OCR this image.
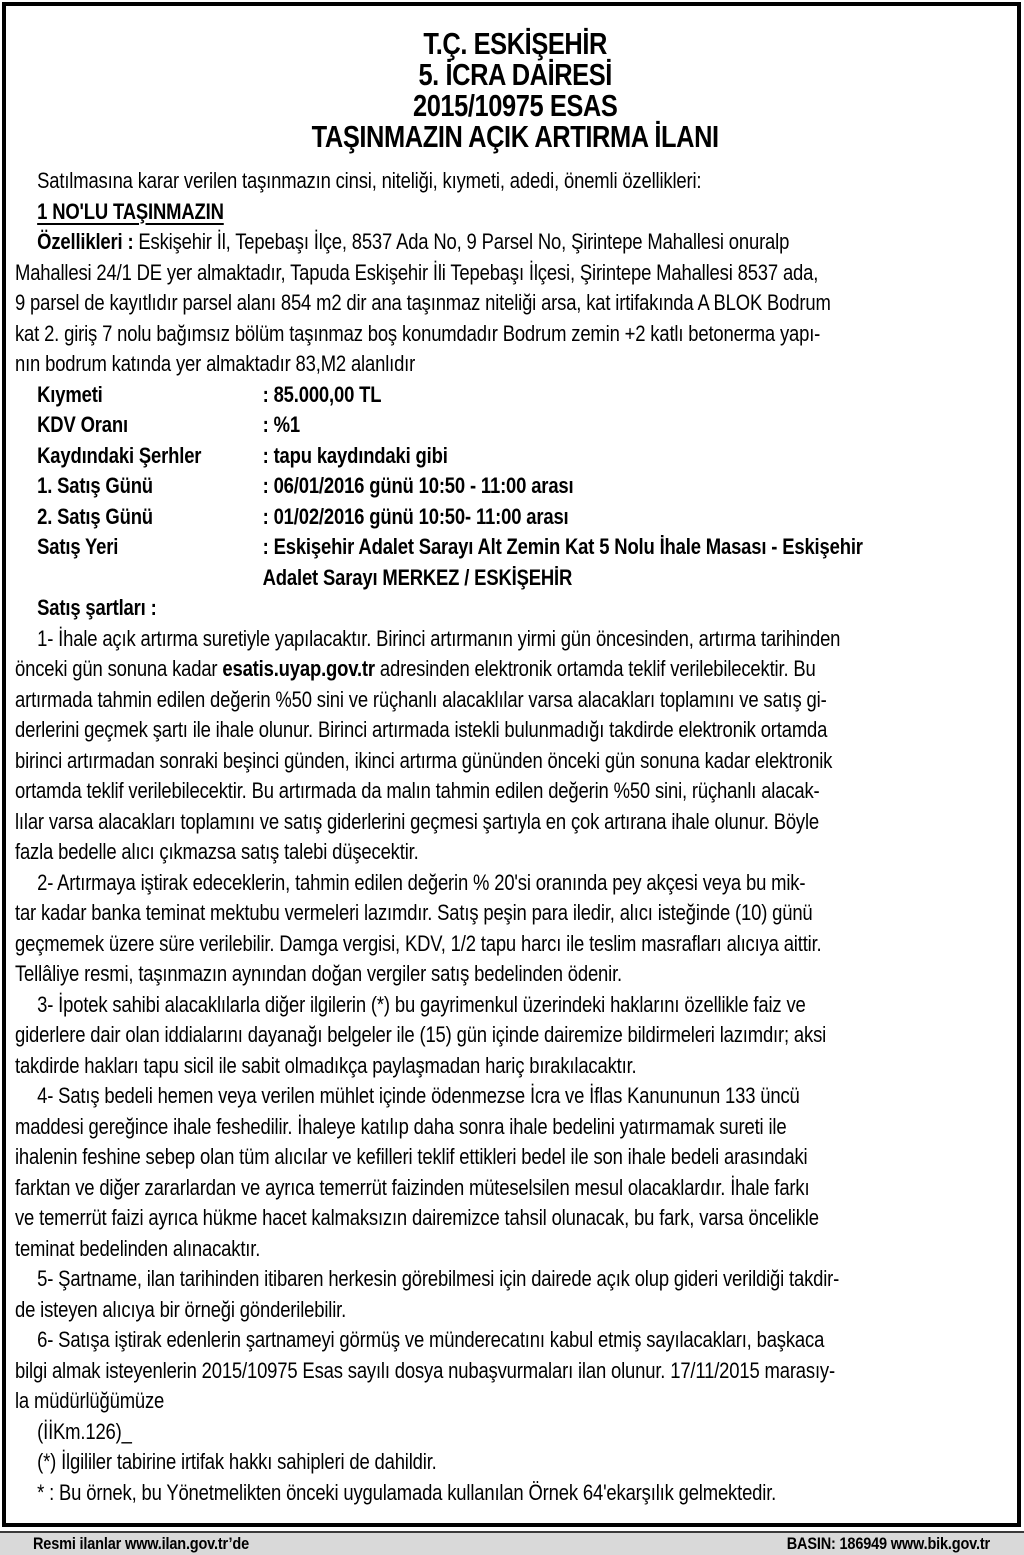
T.Ç. ESKİŞEHİR
5. İCRA DAİRESİ
2015/10975 ESAS
TAŞINMAZIN AÇIK ARTIRMA İLANI
Satılmasına karar verilen taşınmazın cinsi, niteliği, kıymeti, adedi, önemli özellikleri:
1 NO'LU TAŞINMAZIN
Özellikleri : Eskişehir İl, Tepebaşı İlçe, 8537 Ada No, 9 Parsel No, Şirintepe Mahallesi onuralp
Mahallesi 24/1 DE yer almaktadır, Tapuda Eskişehir İli Tepebaşı İlçesi, Şirintepe Mahallesi 8537 ada,
9 parsel de kayıtlıdır parsel alanı 854 m2 dir ana taşınmaz niteliği arsa, kat irtifakında A BLOK Bodrum
kat 2. giriş 7 nolu bağımsız bölüm taşınmaz boş konumdadır Bodrum zemin +2 katlı betonerma yapı-
nın bodrum katında yer almaktadır 83,M2 alanlıdır
Kıymeti	: 85.000,00 TL
KDV Oranı	: %1
Kaydındaki Şerhler	: tapu kaydındaki gibi
1. Satış Günü	: 06/01/2016 günü 10:50 - 11:00 arası
2. Satış Günü	: 01/02/2016 günü 10:50- 11:00 arası
Satış Yeri	: Eskişehir Adalet Sarayı Alt Zemin Kat 5 Nolu İhale Masası - Eskişehir
Adalet Sarayı MERKEZ / ESKİŞEHİR
Satış şartları :
1- İhale açık artırma suretiyle yapılacaktır. Birinci artırmanın yirmi gün öncesinden, artırma tarihinden
önceki gün sonuna kadar esatis.uyap.gov.tr adresinden elektronik ortamda teklif verilebilecektir. Bu
artırmada tahmin edilen değerin %50 sini ve rüçhanlı alacaklılar varsa alacakları toplamını ve satış gi-
derlerini geçmek şartı ile ihale olunur. Birinci artırmada istekli bulunmadığı takdirde elektronik ortamda
birinci artırmadan sonraki beşinci günden, ikinci artırma gününden önceki gün sonuna kadar elektronik
ortamda teklif verilebilecektir. Bu artırmada da malın tahmin edilen değerin %50 sini, rüçhanlı alacak-
lılar varsa alacakları toplamını ve satış giderlerini geçmesi şartıyla en çok artırana ihale olunur. Böyle
fazla bedelle alıcı çıkmazsa satış talebi düşecektir.
2- Artırmaya iştirak edeceklerin, tahmin edilen değerin % 20'si oranında pey akçesi veya bu mik-
tar kadar banka teminat mektubu vermeleri lazımdır. Satış peşin para iledir, alıcı isteğinde (10) günü
geçmemek üzere süre verilebilir. Damga vergisi, KDV, 1/2 tapu harcı ile teslim masrafları alıcıya aittir.
Tellâliye resmi, taşınmazın aynından doğan vergiler satış bedelinden ödenir.
3- İpotek sahibi alacaklılarla diğer ilgilerin (*) bu gayrimenkul üzerindeki haklarını özellikle faiz ve
giderlere dair olan iddialarını dayanağı belgeler ile (15) gün içinde dairemize bildirmeleri lazımdır; aksi
takdirde hakları tapu sicil ile sabit olmadıkça paylaşmadan hariç bırakılacaktır.
4- Satış bedeli hemen veya verilen mühlet içinde ödenmezse İcra ve İflas Kanununun 133 üncü
maddesi gereğince ihale feshedilir. İhaleye katılıp daha sonra ihale bedelini yatırmamak sureti ile
ihalenin feshine sebep olan tüm alıcılar ve kefilleri teklif ettikleri bedel ile son ihale bedeli arasındaki
farktan ve diğer zararlardan ve ayrıca temerrüt faizinden müteselsilen mesul olacaklardır. İhale farkı
ve temerrüt faizi ayrıca hükme hacet kalmaksızın dairemizce tahsil olunacak, bu fark, varsa öncelikle
teminat bedelinden alınacaktır.
5- Şartname, ilan tarihinden itibaren herkesin görebilmesi için dairede açık olup gideri verildiği takdir-
de isteyen alıcıya bir örneği gönderilebilir.
6- Satışa iştirak edenlerin şartnameyi görmüş ve münderecatını kabul etmiş sayılacakları, başkaca
bilgi almak isteyenlerin 2015/10975 Esas sayılı dosya nubaşvurmaları ilan olunur. 17/11/2015 marasıy-
la müdürlüğümüze
(İİKm.126)_
(*) İlgililer tabirine irtifak hakkı sahipleri de dahildir.
* : Bu örnek, bu Yönetmelikten önceki uygulamada kullanılan Örnek 64'ekarşılık gelmektedir.
Resmi ilanlar www.ilan.gov.tr’de	BASIN: 186949 www.bik.gov.tr
